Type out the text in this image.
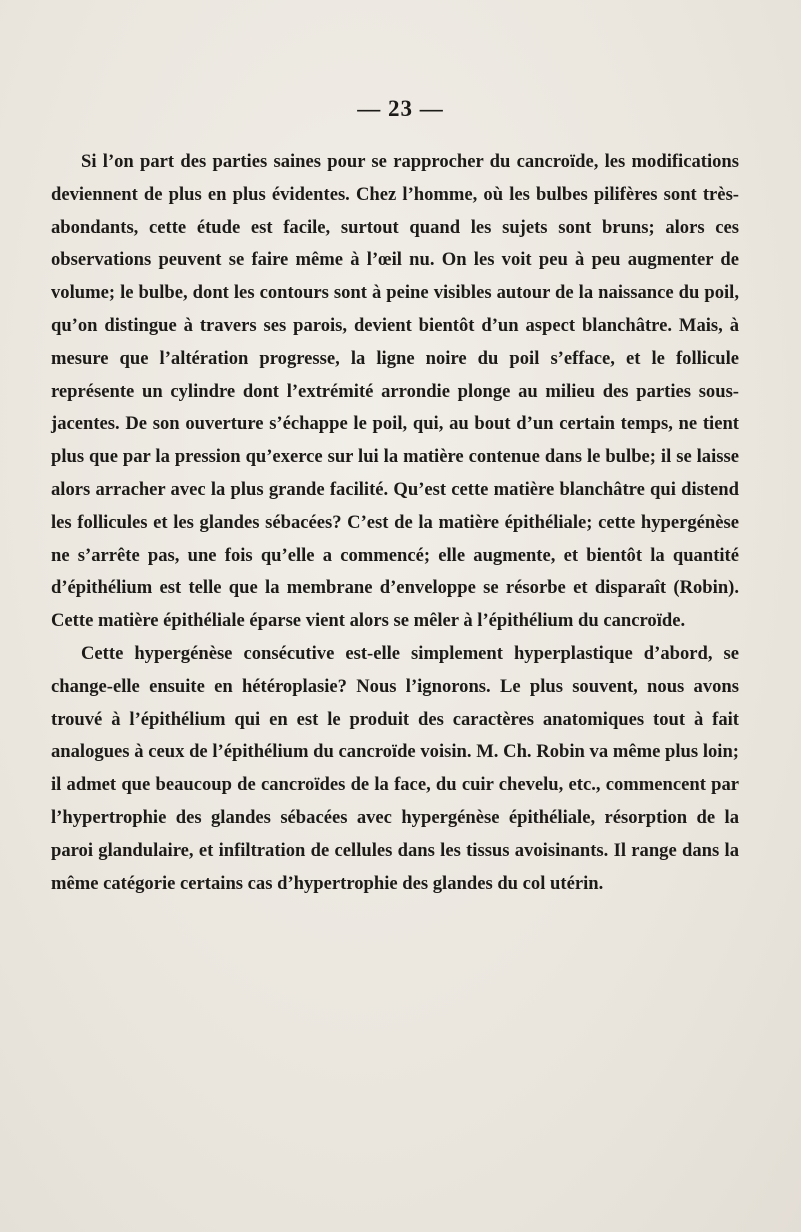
— 23 —

Si l’on part des parties saines pour se rapprocher du cancroïde, les modifications deviennent de plus en plus évidentes. Chez l’homme, où les bulbes pilifères sont très-abondants, cette étude est facile, surtout quand les sujets sont bruns; alors ces observations peuvent se faire même à l’œil nu. On les voit peu à peu augmenter de volume; le bulbe, dont les contours sont à peine visibles autour de la naissance du poil, qu’on distingue à travers ses parois, devient bientôt d’un aspect blanchâtre. Mais, à mesure que l’altération progresse, la ligne noire du poil s’efface, et le follicule représente un cylindre dont l’extrémité arrondie plonge au milieu des parties sous-jacentes. De son ouverture s’échappe le poil, qui, au bout d’un certain temps, ne tient plus que par la pression qu’exerce sur lui la matière contenue dans le bulbe; il se laisse alors arracher avec la plus grande facilité. Qu’est cette matière blanchâtre qui distend les follicules et les glandes sébacées? C’est de la matière épithéliale; cette hypergénèse ne s’arrête pas, une fois qu’elle a commencé; elle augmente, et bientôt la quantité d’épithélium est telle que la membrane d’enveloppe se résorbe et disparaît (Robin). Cette matière épithéliale éparse vient alors se mêler à l’épithélium du cancroïde.

Cette hypergénèse consécutive est-elle simplement hyperplastique d’abord, se change-elle ensuite en hétéroplasie? Nous l’ignorons. Le plus souvent, nous avons trouvé à l’épithélium qui en est le produit des caractères anatomiques tout à fait analogues à ceux de l’épithélium du cancroïde voisin. M. Ch. Robin va même plus loin; il admet que beaucoup de cancroïdes de la face, du cuir chevelu, etc., commencent par l’hypertrophie des glandes sébacées avec hypergénèse épithéliale, résorption de la paroi glandulaire, et infiltration de cellules dans les tissus avoisinants. Il range dans la même catégorie certains cas d’hypertrophie des glandes du col utérin.
